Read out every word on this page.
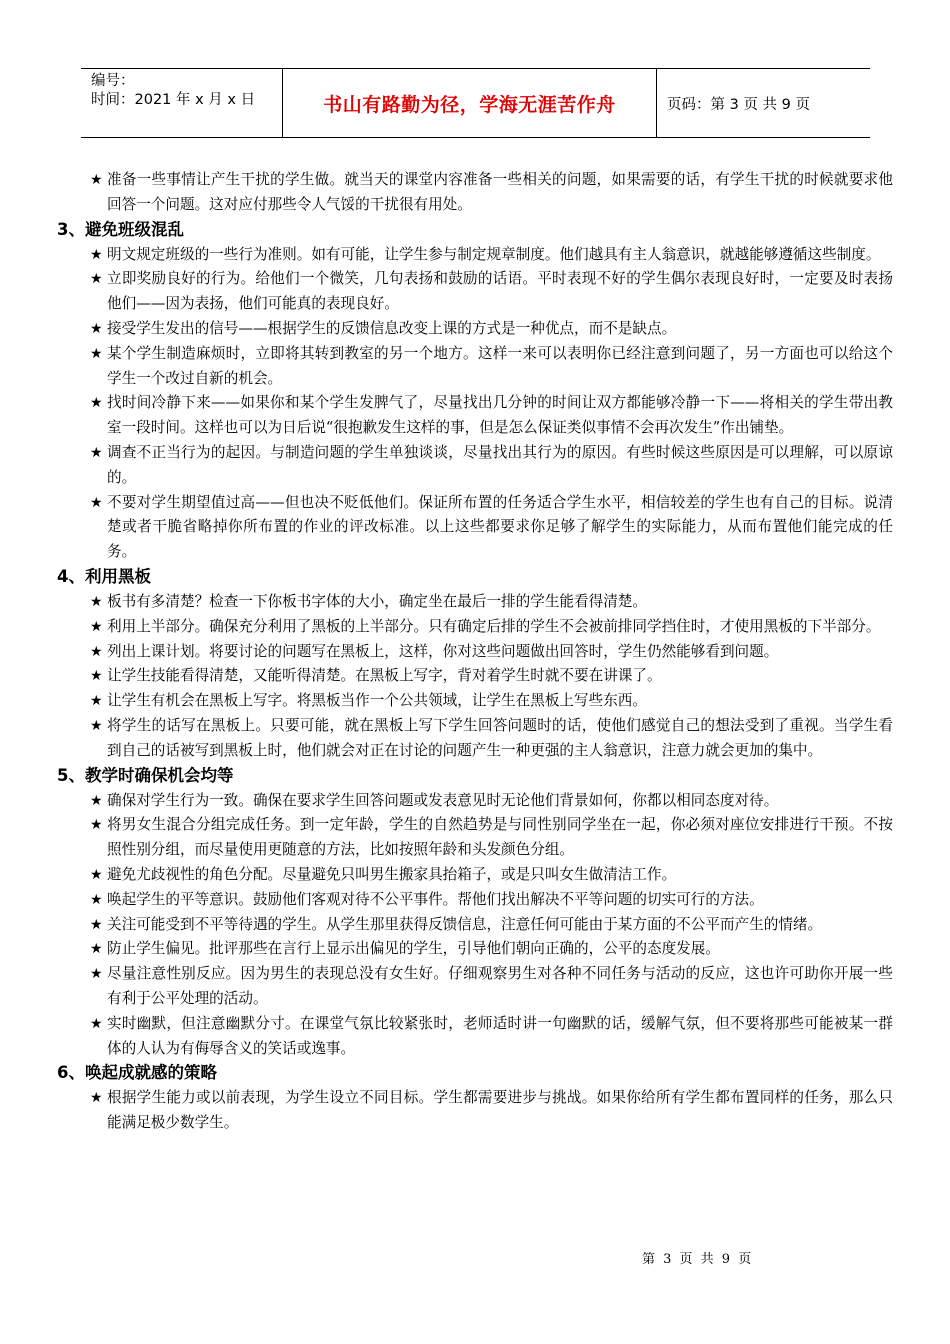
编号：
时间：2021 年 x 月 x 日	书山有路勤为径，学海无涯苦作舟	页码：第 3 页 共 9 页
★ 准备一些事情让产生干扰的学生做。就当天的课堂内容准备一些相关的问题，如果需要的话，有学生干扰的时候就要求他回答一个问题。这对应付那些令人气馁的干扰很有用处。
3、避免班级混乱
★ 明文规定班级的一些行为准则。如有可能，让学生参与制定规章制度。他们越具有主人翁意识，就越能够遵循这些制度。
★ 立即奖励良好的行为。给他们一个微笑，几句表扬和鼓励的话语。平时表现不好的学生偶尔表现良好时，一定要及时表扬他们——因为表扬，他们可能真的表现良好。
★ 接受学生发出的信号——根据学生的反馈信息改变上课的方式是一种优点，而不是缺点。
★ 某个学生制造麻烦时，立即将其转到教室的另一个地方。这样一来可以表明你已经注意到问题了，另一方面也可以给这个学生一个改过自新的机会。
★ 找时间冷静下来——如果你和某个学生发脾气了，尽量找出几分钟的时间让双方都能够冷静一下——将相关的学生带出教室一段时间。这样也可以为日后说“很抱歉发生这样的事，但是怎么保证类似事情不会再次发生”作出铺垫。
★ 调查不正当行为的起因。与制造问题的学生单独谈谈，尽量找出其行为的原因。有些时候这些原因是可以理解，可以原谅的。
★ 不要对学生期望值过高——但也决不贬低他们。保证所布置的任务适合学生水平，相信较差的学生也有自己的目标。说清楚或者干脆省略掉你所布置的作业的评改标准。以上这些都要求你足够了解学生的实际能力，从而布置他们能完成的任务。
4、利用黑板
★ 板书有多清楚？检查一下你板书字体的大小，确定坐在最后一排的学生能看得清楚。
★ 利用上半部分。确保充分利用了黑板的上半部分。只有确定后排的学生不会被前排同学挡住时，才使用黑板的下半部分。
★ 列出上课计划。将要讨论的问题写在黑板上，这样，你对这些问题做出回答时，学生仍然能够看到问题。
★ 让学生技能看得清楚，又能听得清楚。在黑板上写字，背对着学生时就不要在讲课了。
★ 让学生有机会在黑板上写字。将黑板当作一个公共领域，让学生在黑板上写些东西。
★ 将学生的话写在黑板上。只要可能，就在黑板上写下学生回答问题时的话，使他们感觉自己的想法受到了重视。当学生看到自己的话被写到黑板上时，他们就会对正在讨论的问题产生一种更强的主人翁意识，注意力就会更加的集中。
5、教学时确保机会均等
★ 确保对学生行为一致。确保在要求学生回答问题或发表意见时无论他们背景如何，你都以相同态度对待。
★ 将男女生混合分组完成任务。到一定年龄，学生的自然趋势是与同性别同学坐在一起，你必须对座位安排进行干预。不按照性别分组，而尽量使用更随意的方法，比如按照年龄和头发颜色分组。
★ 避免尤歧视性的角色分配。尽量避免只叫男生搬家具抬箱子，或是只叫女生做清洁工作。
★ 唤起学生的平等意识。鼓励他们客观对待不公平事件。帮他们找出解决不平等问题的切实可行的方法。
★ 关注可能受到不平等待遇的学生。从学生那里获得反馈信息，注意任何可能由于某方面的不公平而产生的情绪。
★ 防止学生偏见。批评那些在言行上显示出偏见的学生，引导他们朝向正确的，公平的态度发展。
★ 尽量注意性别反应。因为男生的表现总没有女生好。仔细观察男生对各种不同任务与活动的反应，这也许可助你开展一些有利于公平处理的活动。
★ 实时幽默，但注意幽默分寸。在课堂气氛比较紧张时，老师适时讲一句幽默的话，缓解气氛，但不要将那些可能被某一群体的人认为有侮辱含义的笑话或逸事。
6、唤起成就感的策略
★ 根据学生能力或以前表现，为学生设立不同目标。学生都需要进步与挑战。如果你给所有学生都布置同样的任务，那么只能满足极少数学生。
第 3 页 共 9 页
